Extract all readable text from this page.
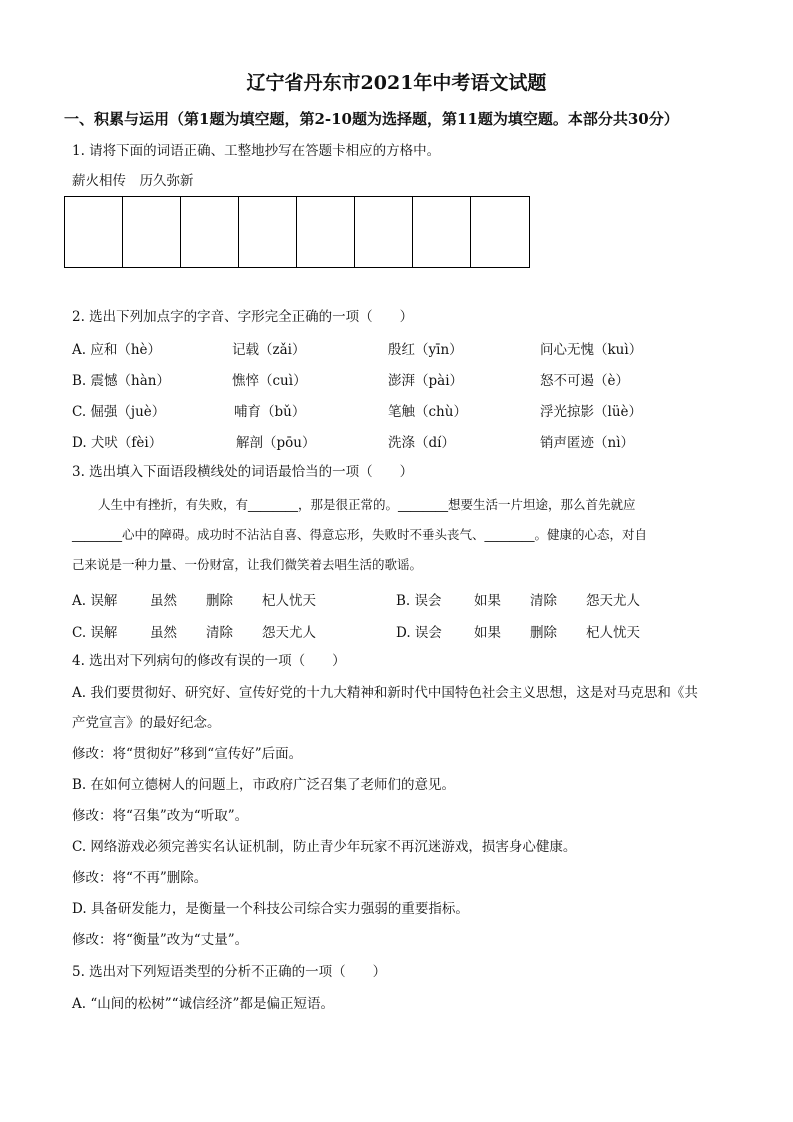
辽宁省丹东市2021年中考语文试题
一、积累与运用（第1题为填空题，第2-10题为选择题，第11题为填空题。本部分共30分）
1. 请将下面的词语正确、工整地抄写在答题卡相应的方格中。
薪火相传　历久弥新
2. 选出下列加点字的字音、字形完全正确的一项（　　）
A. 应和（hè）	记载（zǎi）	殷红（yīn）	问心无愧（kuì）
B. 震憾（hàn）	憔悴（cuì）	澎湃（pài）	怒不可遏（è）
C. 倔强（juè）	哺育（bǔ）	笔触（chù）	浮光掠影（lüè）
D. 犬吠（fèi）	解剖（pōu）	洗涤（dí）	销声匿迹（nì）
3. 选出填入下面语段横线处的词语最恰当的一项（　　）
人生中有挫折，有失败，有________，那是很正常的。________想要生活一片坦途，那么首先就应
________心中的障碍。成功时不沾沾自喜、得意忘形，失败时不垂头丧气、________。健康的心态，对自
己来说是一种力量、一份财富，让我们微笑着去唱生活的歌谣。
A. 误解 虽然 删除 杞人忧天	B. 误会 如果 清除 怨天尤人
C. 误解 虽然 清除 怨天尤人	D. 误会 如果 删除 杞人忧天
4. 选出对下列病句的修改有误的一项（　　）
A. 我们要贯彻好、研究好、宣传好党的十九大精神和新时代中国特色社会主义思想，这是对马克思和《共
产党宣言》的最好纪念。
修改：将“贯彻好”移到“宣传好”后面。
B. 在如何立德树人的问题上，市政府广泛召集了老师们的意见。
修改：将“召集”改为“听取”。
C. 网络游戏必须完善实名认证机制，防止青少年玩家不再沉迷游戏，损害身心健康。
修改：将“不再”删除。
D. 具备研发能力，是衡量一个科技公司综合实力强弱的重要指标。
修改：将“衡量”改为“丈量”。
5. 选出对下列短语类型的分析不正确的一项（　　）
A. “山间的松树”“诚信经济”都是偏正短语。
